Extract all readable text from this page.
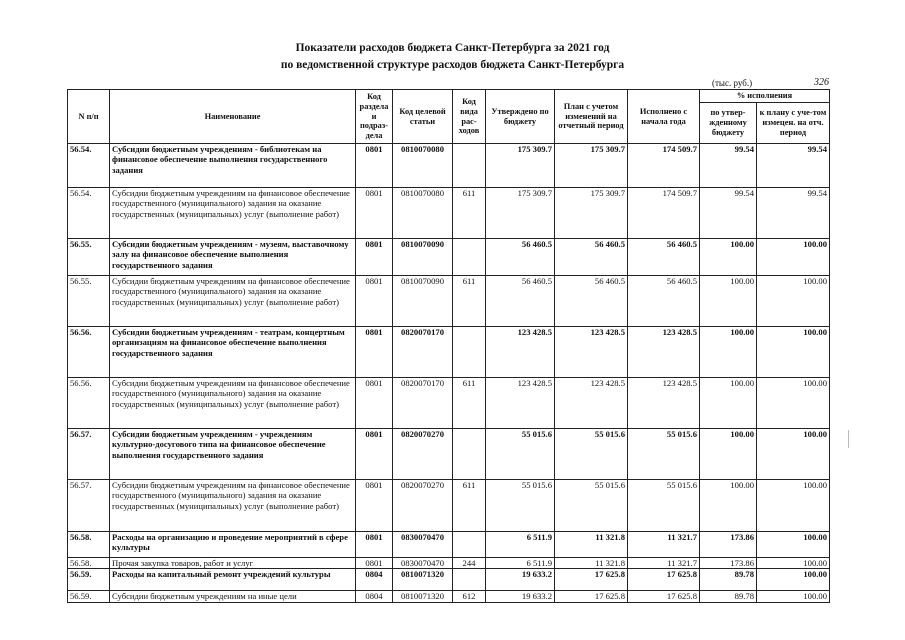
Показатели расходов бюджета Санкт-Петербурга за 2021 год
по ведомственной структуре расходов бюджета Санкт-Петербурга
(тыс. руб.)	326
N п/п	Наименование	Код раздела и подраз-дела	Код целевой статьи	Код вида рас-ходов	Утверждено по бюджету	План с учетом изменений на отчетный период	Исполнено с начала года	% исполнения	
								по утвер-жденному бюджету	к плану с уче-том измецен. на отч. период
56.54.	Субсидии бюджетным учреждениям - библиотекам на финансовое обеспечение выполнения государственного задания	0801	0810070080		175 309.7	175 309.7	174 509.7	99.54	99.54
56.54.	Субсидии бюджетным учреждениям на финансовое обеспечение государственного (муниципального) задания на оказание государственных (муниципальных) услуг (выполнение работ)	0801	0810070080	611	175 309.7	175 309.7	174 509.7	99.54	99.54
56.55.	Субсидии бюджетным учреждениям - музеям, выставочному залу на финансовое обеспечение выполнения государственного задания	0801	0810070090		56 460.5	56 460.5	56 460.5	100.00	100.00
56.55.	Субсидии бюджетным учреждениям на финансовое обеспечение государственного (муниципального) задания на оказание государственных (муниципальных) услуг (выполнение работ)	0801	0810070090	611	56 460.5	56 460.5	56 460.5	100.00	100.00
56.56.	Субсидии бюджетным учреждениям - театрам, концертным организациям на финансовое обеспечение выполнения государственного задания	0801	0820070170		123 428.5	123 428.5	123 428.5	100.00	100.00
56.56.	Субсидии бюджетным учреждениям на финансовое обеспечение государственного (муниципального) задания на оказание государственных (муниципальных) услуг (выполнение работ)	0801	0820070170	611	123 428.5	123 428.5	123 428.5	100.00	100.00
56.57.	Субсидии бюджетным учреждениям - учреждениям культурно-досугового типа на финансовое обеспечение выполнения государственного задания	0801	0820070270		55 015.6	55 015.6	55 015.6	100.00	100.00
56.57.	Субсидии бюджетным учреждениям на финансовое обеспечение государственного (муниципального) задания на оказание государственных (муниципальных) услуг (выполнение работ)	0801	0820070270	611	55 015.6	55 015.6	55 015.6	100.00	100.00
56.58.	Расходы на организацию и проведение мероприятий в сфере культуры	0801	0830070470		6 511.9	11 321.8	11 321.7	173.86	100.00
56.58.	Прочая закупка товаров, работ и услуг	0801	0830070470	244	6 511.9	11 321.8	11 321.7	173.86	100.00
56.59.	Расходы на капитальный ремонт учреждений культуры	0804	0810071320		19 633.2	17 625.8	17 625.8	89.78	100.00
56.59.	Субсидии бюджетным учреждениям на иные цели	0804	0810071320	612	19 633.2	17 625.8	17 625.8	89.78	100.00
